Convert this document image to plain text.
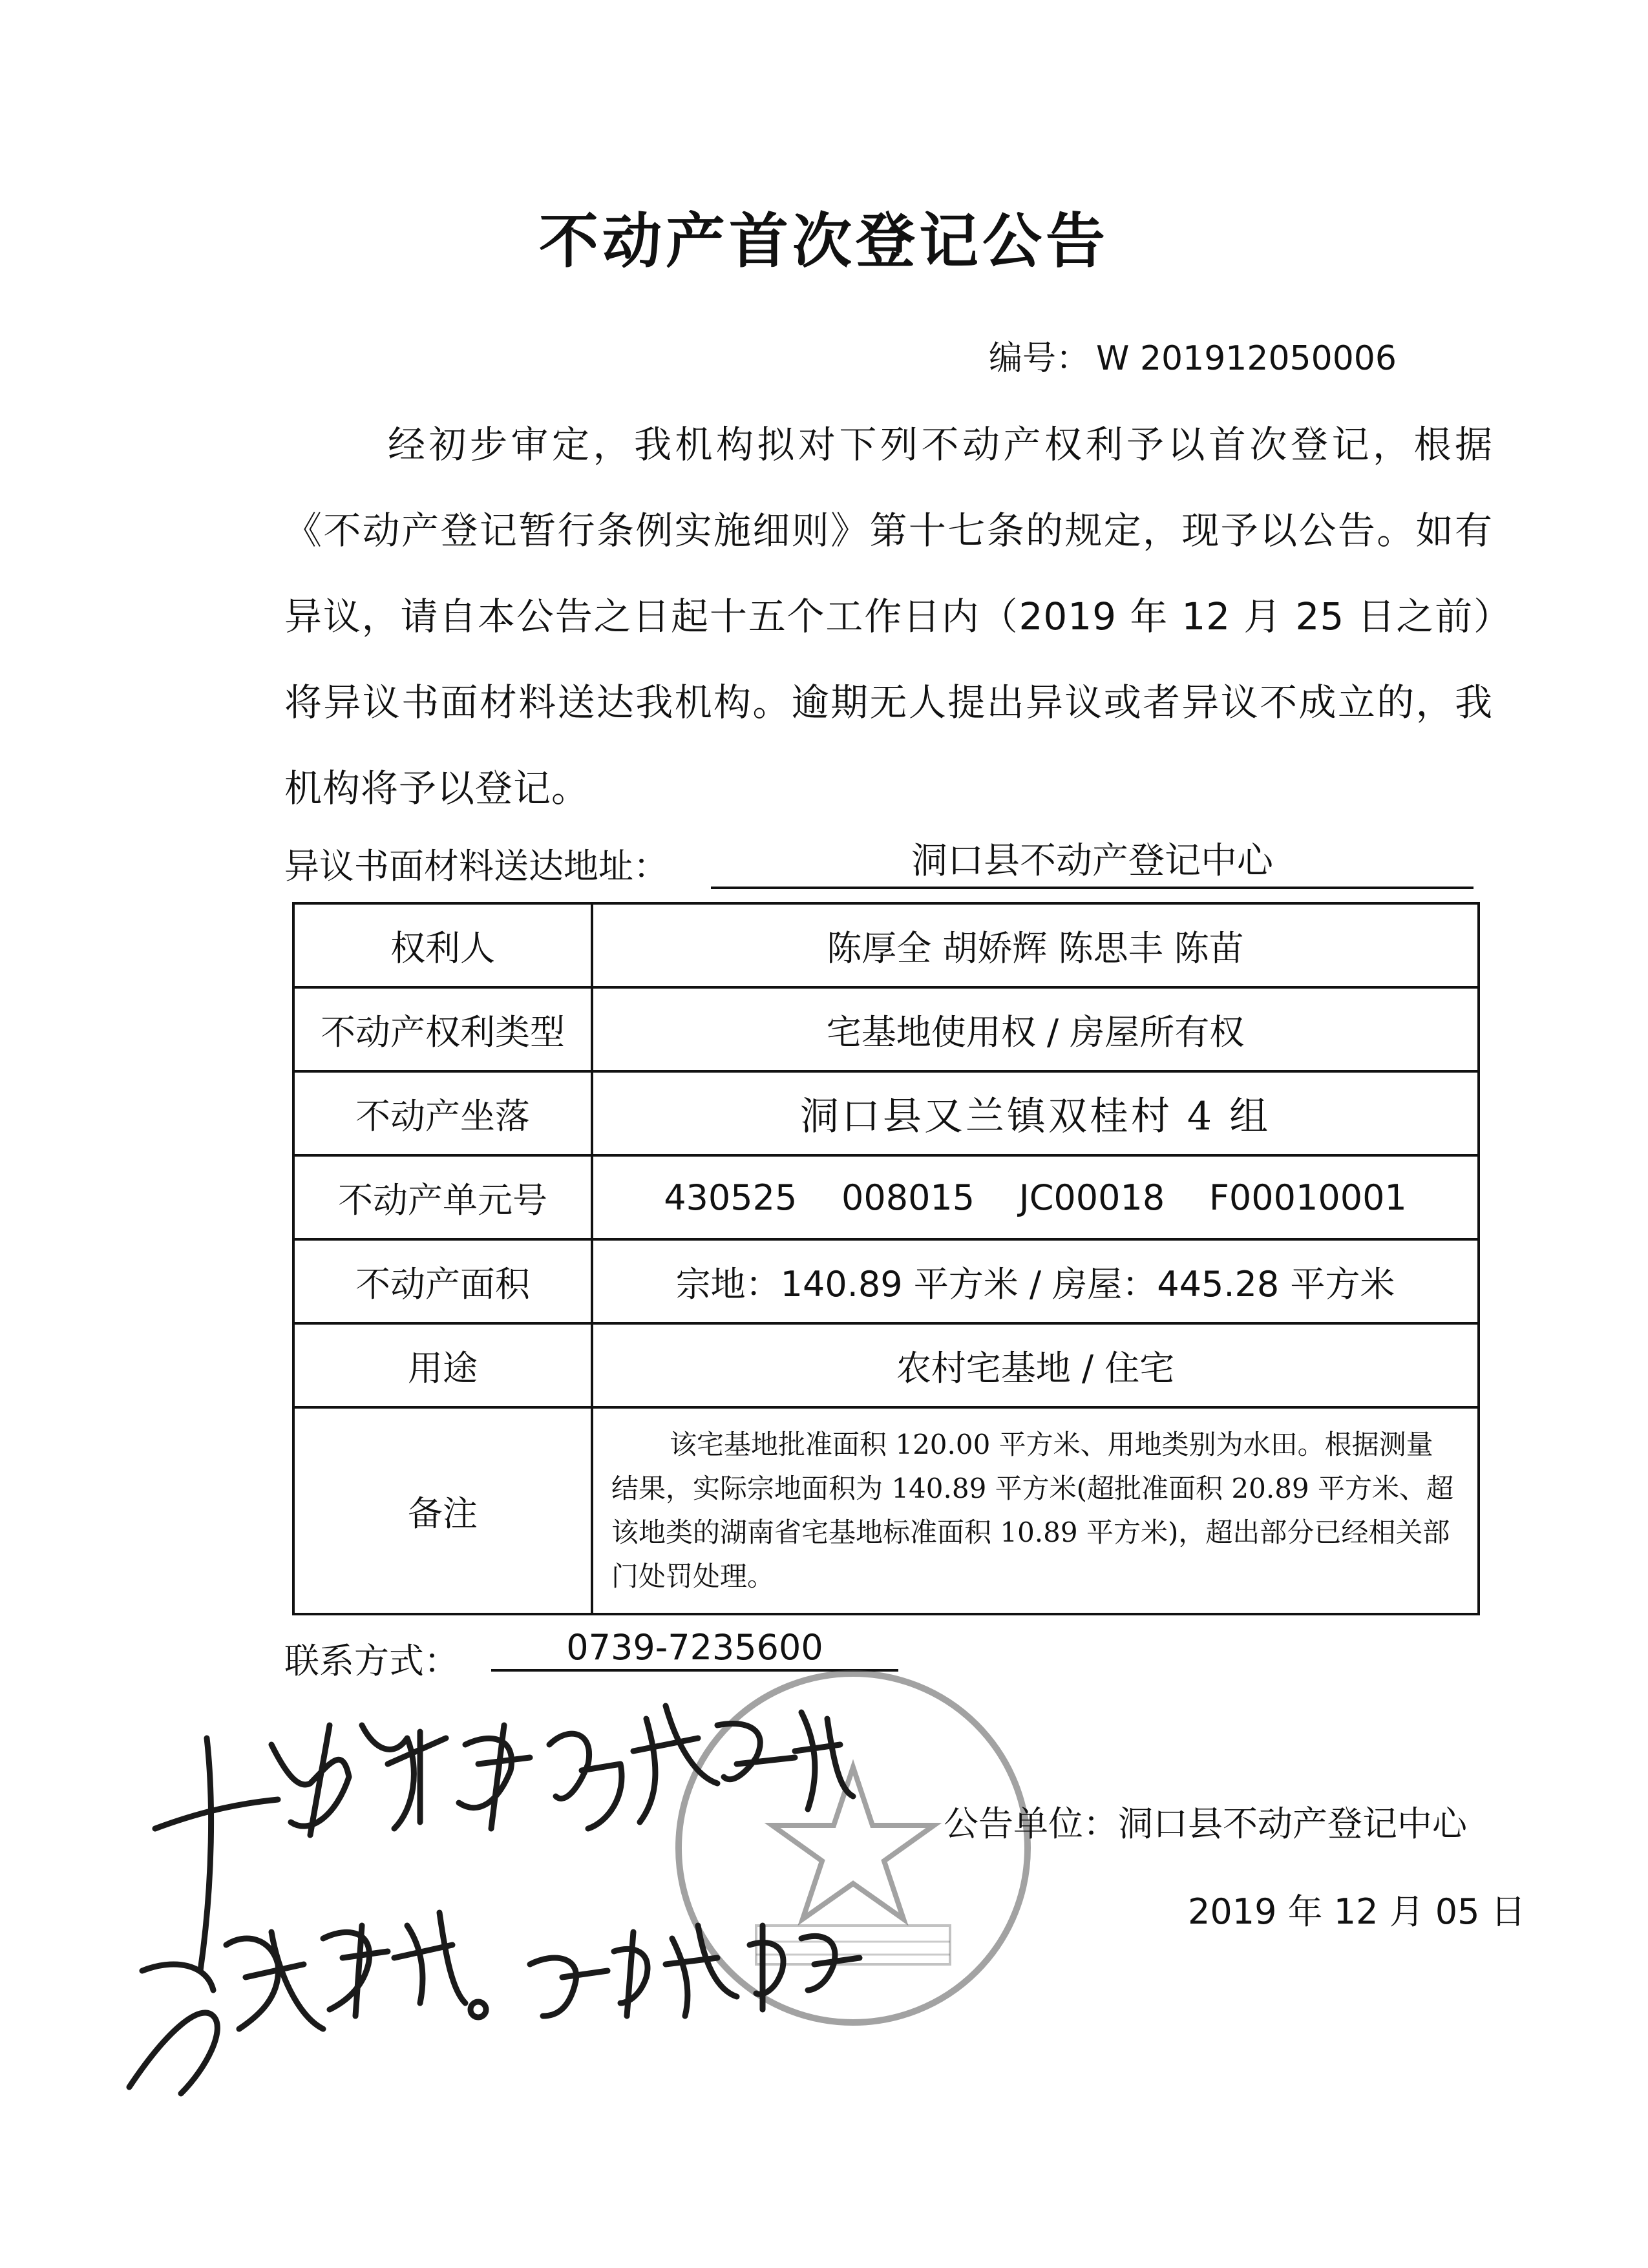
不动产首次登记公告
编号： W 201912050006
经初步审定，我机构拟对下列不动产权利予以首次登记，根据《不动产登记暂行条例实施细则》第十七条的规定，现予以公告。如有异议，请自本公告之日起十五个工作日内（2019 年 12 月 25 日之前）将异议书面材料送达我机构。逾期无人提出异议或者异议不成立的，我机构将予以登记。
异议书面材料送达地址：	洞口县不动产登记中心
权利人	陈厚全 胡娇辉 陈思丰 陈苗
不动产权利类型	宅基地使用权 / 房屋所有权
不动产坐落	洞口县又兰镇双桂村 4 组
不动产单元号	430525    008015    JC00018    F00010001
不动产面积	宗地：140.89 平方米 / 房屋：445.28 平方米
用途	农村宅基地 / 住宅
备注	该宅基地批准面积 120.00 平方米、用地类别为水田。根据测量结果，实际宗地面积为 140.89 平方米(超批准面积 20.89 平方米、超该地类的湖南省宅基地标准面积 10.89 平方米)，超出部分已经相关部门处罚处理。
联系方式：	0739-7235600
公告单位：洞口县不动产登记中心
2019 年 12 月 05 日
